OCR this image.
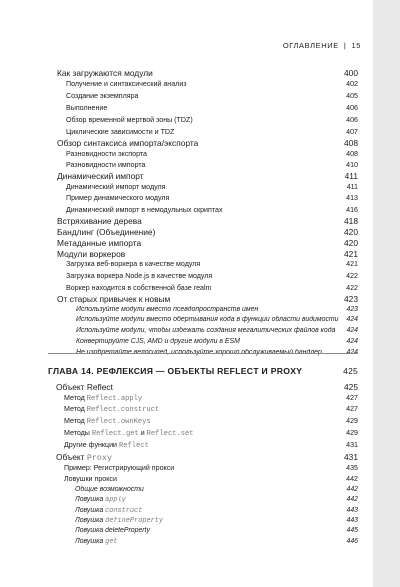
ОГЛАВЛЕНИЕ | 15
Как загружаются модули	400
Получение и синтаксический анализ	402
Создание экземпляра	405
Выполнение	406
Обзор временной мертвой зоны (TDZ)	406
Циклические зависимости и TDZ	407
Обзор синтаксиса импорта/экспорта	408
Разновидности экспорта	408
Разновидности импорта	410
Динамический импорт	411
Динамический импорт модуля	411
Пример динамического модуля	413
Динамический импорт в немодульных скриптах	416
Встряхивание дерева	418
Бандлинг (Объединение)	420
Метаданные импорта	420
Модули воркеров	421
Загрузка веб-воркера в качестве модуля	421
Загрузка воркера Node.js в качестве модуля	422
Воркер находится в собственной базе realm	422
От старых привычек к новым	423
Используйте модули вместо псевдопространств имен	423
Используйте модули вместо обертывания кода в функции области видимости	424
Используйте модули, чтобы избежать создания мегалитических файлов кода	424
Конвертируйте CJS, AMD и другие модули в ESM	424
Не изобретайте велосипед, используйте хорошо обслуживаемый бандлер	424
ГЛАВА 14. РЕФЛЕКСИЯ — ОБЪЕКТЫ REFLECT И PROXY	425
Объект Reflect	425
Метод Reflect.apply	427
Метод Reflect.construct	427
Метод Reflect.ownKeys	429
Методы Reflect.get и Reflect.set	429
Другие функции Reflect	431
Объект Proxy	431
Пример: Регистрирующий прокси	435
Ловушки прокси	442
Общие возможности	442
Ловушка apply	442
Ловушка construct	443
Ловушка defineProperty	443
Ловушка deleteProperty	445
Ловушка get	446
